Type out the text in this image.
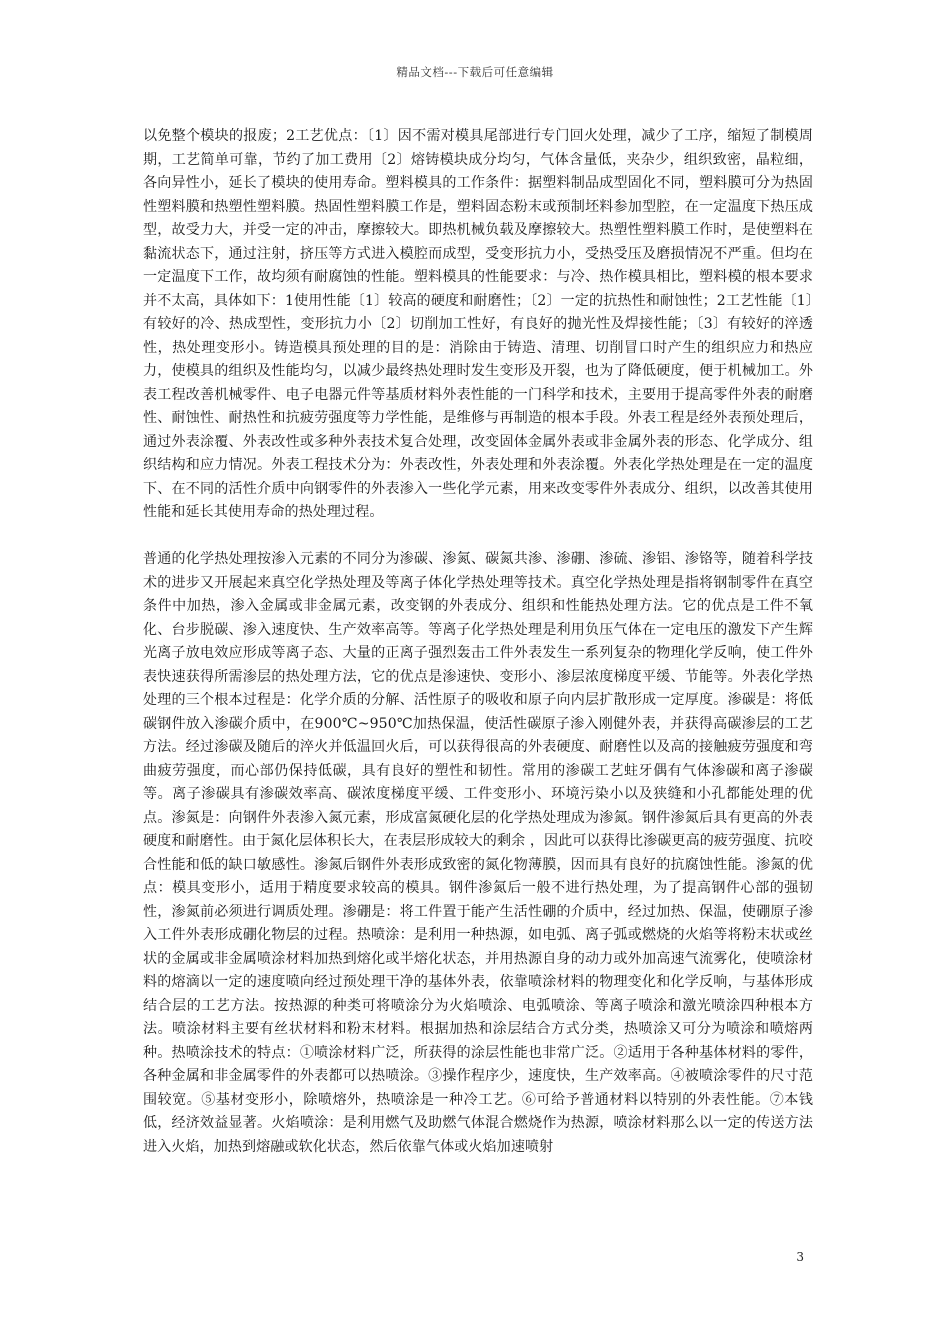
精品文档---下载后可任意编辑

以免整个模块的报废；2工艺优点：〔1〕因不需对模具尾部进行专门回火处理，减少了工序，缩短了制模周期，工艺简单可靠，节约了加工费用〔2〕熔铸模块成分均匀，气体含量低，夹杂少，组织致密，晶粒细，各向异性小，延长了模块的使用寿命。塑料模具的工作条件：据塑料制品成型固化不同，塑料膜可分为热固性塑料膜和热塑性塑料膜。热固性塑料膜工作是，塑料固态粉末或预制坯料参加型腔，在一定温度下热压成型，故受力大，并受一定的冲击，摩擦较大。即热机械负载及摩擦较大。热塑性塑料膜工作时，是使塑料在黏流状态下，通过注射，挤压等方式进入模腔而成型，受变形抗力小，受热受压及磨损情况不严重。但均在一定温度下工作，故均须有耐腐蚀的性能。塑料模具的性能要求：与冷、热作模具相比，塑料模的根本要求并不太高，具体如下：1使用性能〔1〕较高的硬度和耐磨性；〔2〕一定的抗热性和耐蚀性；2工艺性能〔1〕有较好的冷、热成型性，变形抗力小〔2〕切削加工性好，有良好的抛光性及焊接性能；〔3〕有较好的淬透性，热处理变形小。铸造模具预处理的目的是：消除由于铸造、清理、切削冒口时产生的组织应力和热应力，使模具的组织及性能均匀，以减少最终热处理时发生变形及开裂，也为了降低硬度，便于机械加工。外表工程改善机械零件、电子电器元件等基质材料外表性能的一门科学和技术，主要用于提高零件外表的耐磨性、耐蚀性、耐热性和抗疲劳强度等力学性能，是维修与再制造的根本手段。外表工程是经外表预处理后，通过外表涂覆、外表改性或多种外表技术复合处理，改变固体金属外表或非金属外表的形态、化学成分、组织结构和应力情况。外表工程技术分为：外表改性，外表处理和外表涂覆。外表化学热处理是在一定的温度下、在不同的活性介质中向钢零件的外表渗入一些化学元素，用来改变零件外表成分、组织，以改善其使用性能和延长其使用寿命的热处理过程。

普通的化学热处理按渗入元素的不同分为渗碳、渗氮、碳氮共渗、渗硼、渗硫、渗铝、渗铬等，随着科学技术的进步又开展起来真空化学热处理及等离子体化学热处理等技术。真空化学热处理是指将钢制零件在真空条件中加热，渗入金属或非金属元素，改变钢的外表成分、组织和性能热处理方法。它的优点是工件不氧化、台步脱碳、渗入速度快、生产效率高等。等离子化学热处理是利用负压气体在一定电压的激发下产生辉光离子放电效应形成等离子态、大量的正离子强烈轰击工件外表发生一系列复杂的物理化学反响，使工件外表快速获得所需渗层的热处理方法，它的优点是渗速快、变形小、渗层浓度梯度平缓、节能等。外表化学热处理的三个根本过程是：化学介质的分解、活性原子的吸收和原子向内层扩散形成一定厚度。渗碳是：将低碳钢件放入渗碳介质中，在900℃~950℃加热保温，使活性碳原子渗入刚健外表，并获得高碳渗层的工艺方法。经过渗碳及随后的淬火并低温回火后，可以获得很高的外表硬度、耐磨性以及高的接触疲劳强度和弯曲疲劳强度，而心部仍保持低碳，具有良好的塑性和韧性。常用的渗碳工艺蛀牙偶有气体渗碳和离子渗碳等。离子渗碳具有渗碳效率高、碳浓度梯度平缓、工件变形小、环境污染小以及狭缝和小孔都能处理的优点。渗氮是：向钢件外表渗入氮元素，形成富氮硬化层的化学热处理成为渗氮。钢件渗氮后具有更高的外表硬度和耐磨性。由于氮化层体积长大，在表层形成较大的剩余 ，因此可以获得比渗碳更高的疲劳强度、抗咬合性能和低的缺口敏感性。渗氮后钢件外表形成致密的氮化物薄膜，因而具有良好的抗腐蚀性能。渗氮的优点：模具变形小，适用于精度要求较高的模具。钢件渗氮后一般不进行热处理，为了提高钢件心部的强韧性，渗氮前必须进行调质处理。渗硼是：将工件置于能产生活性硼的介质中，经过加热、保温，使硼原子渗入工件外表形成硼化物层的过程。热喷涂：是利用一种热源，如电弧、离子弧或燃烧的火焰等将粉末状或丝状的金属或非金属喷涂材料加热到熔化或半熔化状态，并用热源自身的动力或外加高速气流雾化，使喷涂材料的熔滴以一定的速度喷向经过预处理干净的基体外表，依靠喷涂材料的物理变化和化学反响，与基体形成结合层的工艺方法。按热源的种类可将喷涂分为火焰喷涂、电弧喷涂、等离子喷涂和激光喷涂四种根本方法。喷涂材料主要有丝状材料和粉末材料。根据加热和涂层结合方式分类，热喷涂又可分为喷涂和喷熔两种。热喷涂技术的特点：①喷涂材料广泛，所获得的涂层性能也非常广泛。②适用于各种基体材料的零件，各种金属和非金属零件的外表都可以热喷涂。③操作程序少，速度快，生产效率高。④被喷涂零件的尺寸范围较宽。⑤基材变形小，除喷熔外，热喷涂是一种冷工艺。⑥可给予普通材料以特别的外表性能。⑦本钱低，经济效益显著。火焰喷涂：是利用燃气及助燃气体混合燃烧作为热源，喷涂材料那么以一定的传送方法进入火焰，加热到熔融或软化状态，然后依靠气体或火焰加速喷射

3
